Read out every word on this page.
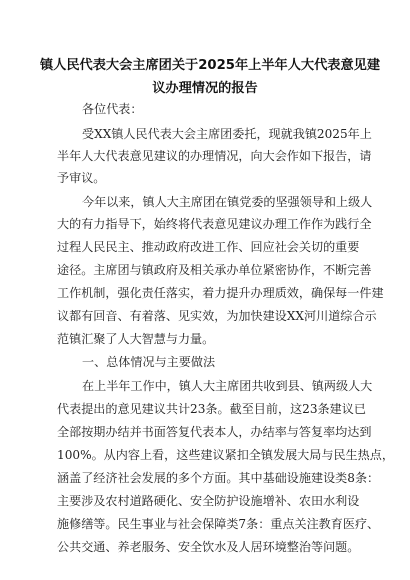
镇人民代表大会主席团关于2025年上半年人大代表意见建
议办理情况的报告
各位代表：
受XX镇人民代表大会主席团委托，现就我镇2025年上
半年人大代表意见建议的办理情况，向大会作如下报告，请
予审议。
今年以来，镇人大主席团在镇党委的坚强领导和上级人
大的有力指导下，始终将代表意见建议办理工作作为践行全
过程人民民主、推动政府改进工作、回应社会关切的重要
途径。主席团与镇政府及相关承办单位紧密协作，不断完善
工作机制，强化责任落实，着力提升办理质效，确保每一件建
议都有回音、有着落、见实效，为加快建设XX河川道综合示
范镇汇聚了人大智慧与力量。
一、总体情况与主要做法
在上半年工作中，镇人大主席团共收到县、镇两级人大
代表提出的意见建议共计23条。截至目前，这23条建议已
全部按期办结并书面答复代表本人，办结率与答复率均达到
100%。从内容上看，这些建议紧扣全镇发展大局与民生热点，
涵盖了经济社会发展的多个方面。其中基础设施建设类8条：
主要涉及农村道路硬化、安全防护设施增补、农田水利设
施修缮等。民生事业与社会保障类7条：重点关注教育医疗、
公共交通、养老服务、安全饮水及人居环境整治等问题。
